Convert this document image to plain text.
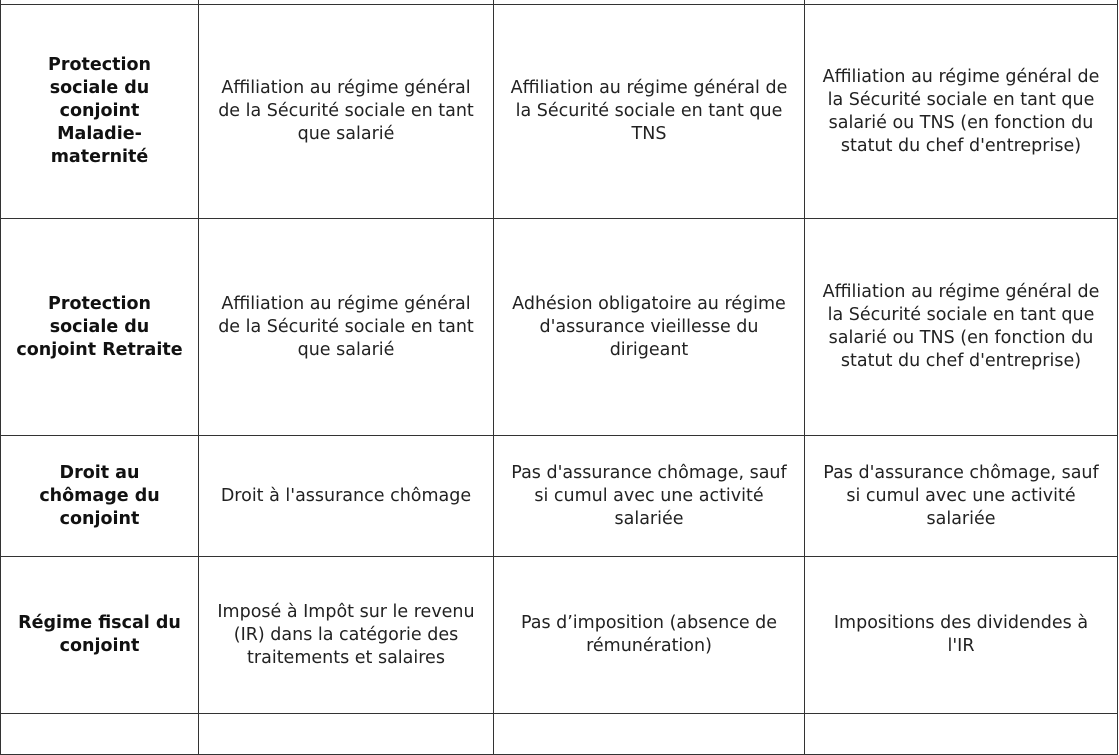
Protection sociale du conjoint Maladie-maternité	Affiliation au régime général de la Sécurité sociale en tant que salarié	Affiliation au régime général de la Sécurité sociale en tant que TNS	Affiliation au régime général de la Sécurité sociale en tant que salarié ou TNS (en fonction du statut du chef d'entreprise)
Protection sociale du conjoint Retraite	Affiliation au régime général de la Sécurité sociale en tant que salarié	Adhésion obligatoire au régime d'assurance vieillesse du dirigeant	Affiliation au régime général de la Sécurité sociale en tant que salarié ou TNS (en fonction du statut du chef d'entreprise)
Droit au chômage du conjoint	Droit à l'assurance chômage	Pas d'assurance chômage, sauf si cumul avec une activité salariée	Pas d'assurance chômage, sauf si cumul avec une activité salariée
Régime fiscal du conjoint	Imposé à Impôt sur le revenu (IR) dans la catégorie des traitements et salaires	Pas d’imposition (absence de rémunération)	Impositions des dividendes à l'IR
